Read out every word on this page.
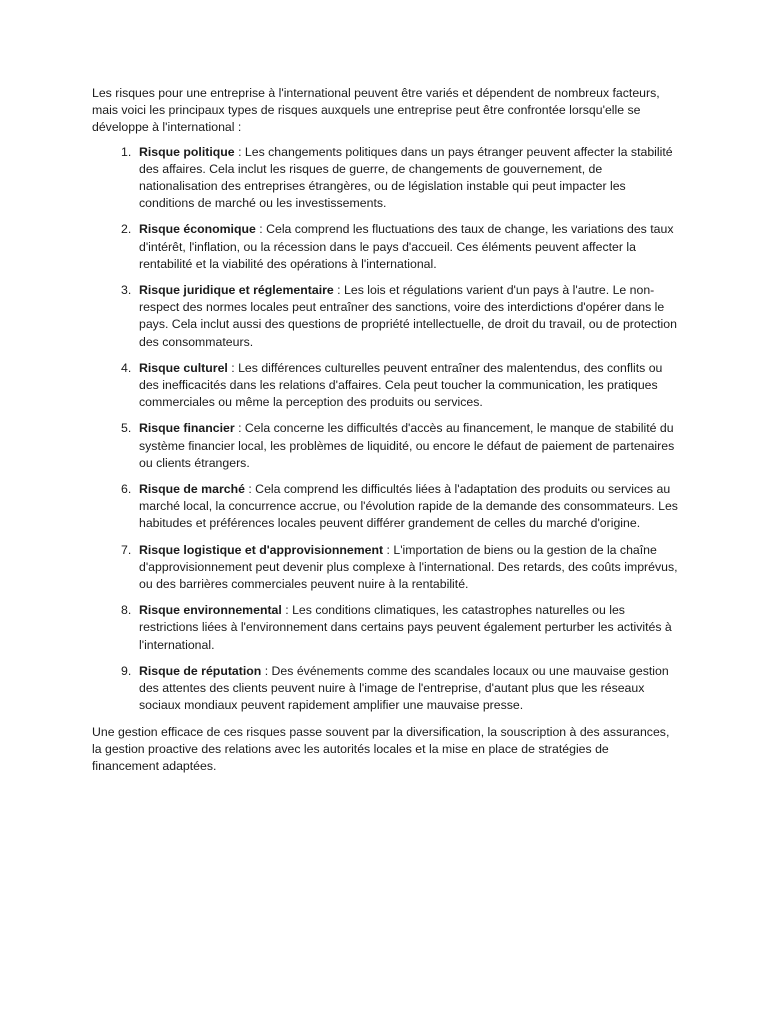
Les risques pour une entreprise à l'international peuvent être variés et dépendent de nombreux facteurs, mais voici les principaux types de risques auxquels une entreprise peut être confrontée lorsqu'elle se développe à l'international :

1. Risque politique : Les changements politiques dans un pays étranger peuvent affecter la stabilité des affaires. Cela inclut les risques de guerre, de changements de gouvernement, de nationalisation des entreprises étrangères, ou de législation instable qui peut impacter les conditions de marché ou les investissements.
2. Risque économique : Cela comprend les fluctuations des taux de change, les variations des taux d'intérêt, l'inflation, ou la récession dans le pays d'accueil. Ces éléments peuvent affecter la rentabilité et la viabilité des opérations à l'international.
3. Risque juridique et réglementaire : Les lois et régulations varient d'un pays à l'autre. Le non-respect des normes locales peut entraîner des sanctions, voire des interdictions d'opérer dans le pays. Cela inclut aussi des questions de propriété intellectuelle, de droit du travail, ou de protection des consommateurs.
4. Risque culturel : Les différences culturelles peuvent entraîner des malentendus, des conflits ou des inefficacités dans les relations d'affaires. Cela peut toucher la communication, les pratiques commerciales ou même la perception des produits ou services.
5. Risque financier : Cela concerne les difficultés d'accès au financement, le manque de stabilité du système financier local, les problèmes de liquidité, ou encore le défaut de paiement de partenaires ou clients étrangers.
6. Risque de marché : Cela comprend les difficultés liées à l'adaptation des produits ou services au marché local, la concurrence accrue, ou l'évolution rapide de la demande des consommateurs. Les habitudes et préférences locales peuvent différer grandement de celles du marché d'origine.
7. Risque logistique et d'approvisionnement : L'importation de biens ou la gestion de la chaîne d'approvisionnement peut devenir plus complexe à l'international. Des retards, des coûts imprévus, ou des barrières commerciales peuvent nuire à la rentabilité.
8. Risque environnemental : Les conditions climatiques, les catastrophes naturelles ou les restrictions liées à l'environnement dans certains pays peuvent également perturber les activités à l'international.
9. Risque de réputation : Des événements comme des scandales locaux ou une mauvaise gestion des attentes des clients peuvent nuire à l'image de l'entreprise, d'autant plus que les réseaux sociaux mondiaux peuvent rapidement amplifier une mauvaise presse.

Une gestion efficace de ces risques passe souvent par la diversification, la souscription à des assurances, la gestion proactive des relations avec les autorités locales et la mise en place de stratégies de financement adaptées.
